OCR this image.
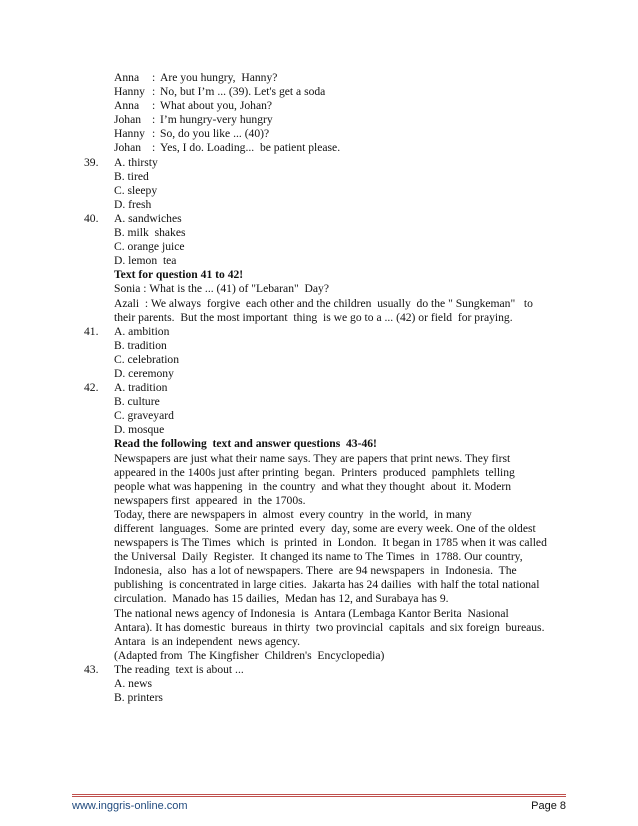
Anna : Are you hungry,  Hanny?
Hanny : No, but I’m ... (39). Let's get a soda
Anna : What about you, Johan?
Johan : I’m hungry-very hungry
Hanny : So, do you like ... (40)?
Johan : Yes, I do. Loading...  be patient please.
39. A. thirsty
B. tired
C. sleepy
D. fresh
40. A. sandwiches
B. milk  shakes
C. orange juice
D. lemon  tea
Text for question 41 to 42!
Sonia : What is the ... (41) of "Lebaran"  Day?
Azali  : We always  forgive  each other and the children  usually  do the " Sungkeman"   to
their parents.  But the most important  thing  is we go to a ... (42) or field  for praying.
41. A. ambition
B. tradition
C. celebration
D. ceremony
42. A. tradition
B. culture
C. graveyard
D. mosque
Read the following  text and answer questions  43-46!
Newspapers are just what their name says. They are papers that print news. They first
appeared in the 1400s just after printing  began.  Printers  produced  pamphlets  telling
people what was happening  in  the country  and what they thought  about  it. Modern
newspapers first  appeared  in  the 1700s.
Today, there are newspapers in  almost  every country  in the world,  in many
different  languages.  Some are printed  every  day, some are every week. One of the oldest
newspapers is The Times  which  is  printed  in  London.  It began in 1785 when it was called
the Universal  Daily  Register.  It changed its name to The Times  in  1788. Our country,
Indonesia,  also  has a lot of newspapers. There  are 94 newspapers  in  Indonesia.  The
publishing  is concentrated in large cities.  Jakarta has 24 dailies  with half the total national
circulation.  Manado has 15 dailies,  Medan has 12, and Surabaya has 9.
The national news agency of Indonesia  is  Antara (Lembaga Kantor Berita  Nasional
Antara). It has domestic  bureaus  in thirty  two provincial  capitals  and six foreign  bureaus.
Antara  is an independent  news agency.
(Adapted from  The Kingfisher  Children's  Encyclopedia)
43. The reading  text is about ...
A. news
B. printers
www.inggris-online.com	Page 8
